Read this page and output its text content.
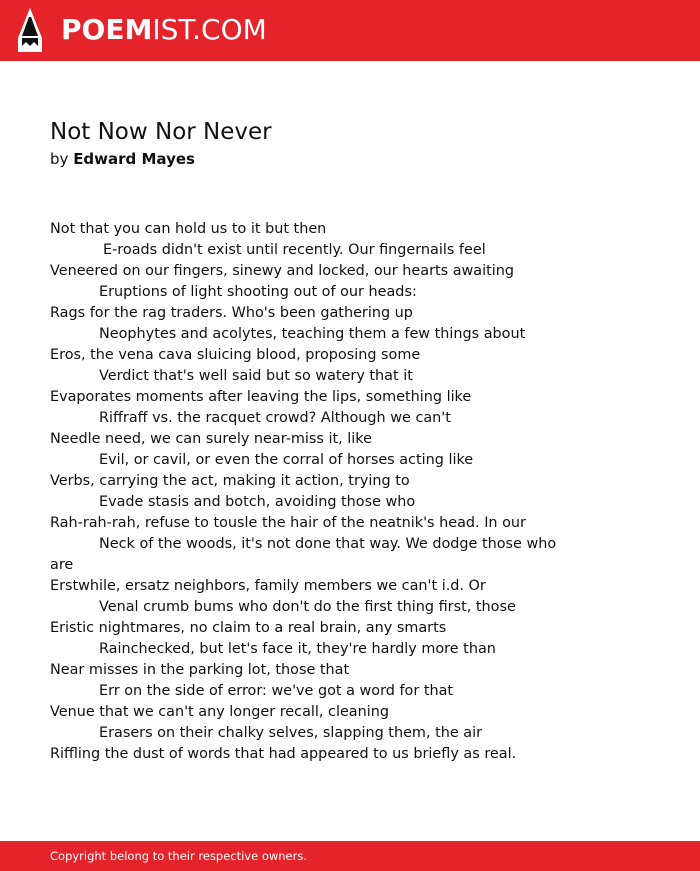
POEMIST.COM
Not Now Nor Never
by Edward Mayes
Not that you can hold us to it but then
E-roads didn't exist until recently. Our fingernails feel
Veneered on our fingers, sinewy and locked, our hearts awaiting
Eruptions of light shooting out of our heads:
Rags for the rag traders. Who's been gathering up
Neophytes and acolytes, teaching them a few things about
Eros, the vena cava sluicing blood, proposing some
Verdict that's well said but so watery that it
Evaporates moments after leaving the lips, something like
Riffraff vs. the racquet crowd? Although we can't
Needle need, we can surely near-miss it, like
Evil, or cavil, or even the corral of horses acting like
Verbs, carrying the act, making it action, trying to
Evade stasis and botch, avoiding those who
Rah-rah-rah, refuse to tousle the hair of the neatnik's head. In our
Neck of the woods, it's not done that way. We dodge those who
are
Erstwhile, ersatz neighbors, family members we can't i.d. Or
Venal crumb bums who don't do the first thing first, those
Eristic nightmares, no claim to a real brain, any smarts
Rainchecked, but let's face it, they're hardly more than
Near misses in the parking lot, those that
Err on the side of error: we've got a word for that
Venue that we can't any longer recall, cleaning
Erasers on their chalky selves, slapping them, the air
Riffling the dust of words that had appeared to us briefly as real.
Copyright belong to their respective owners.
